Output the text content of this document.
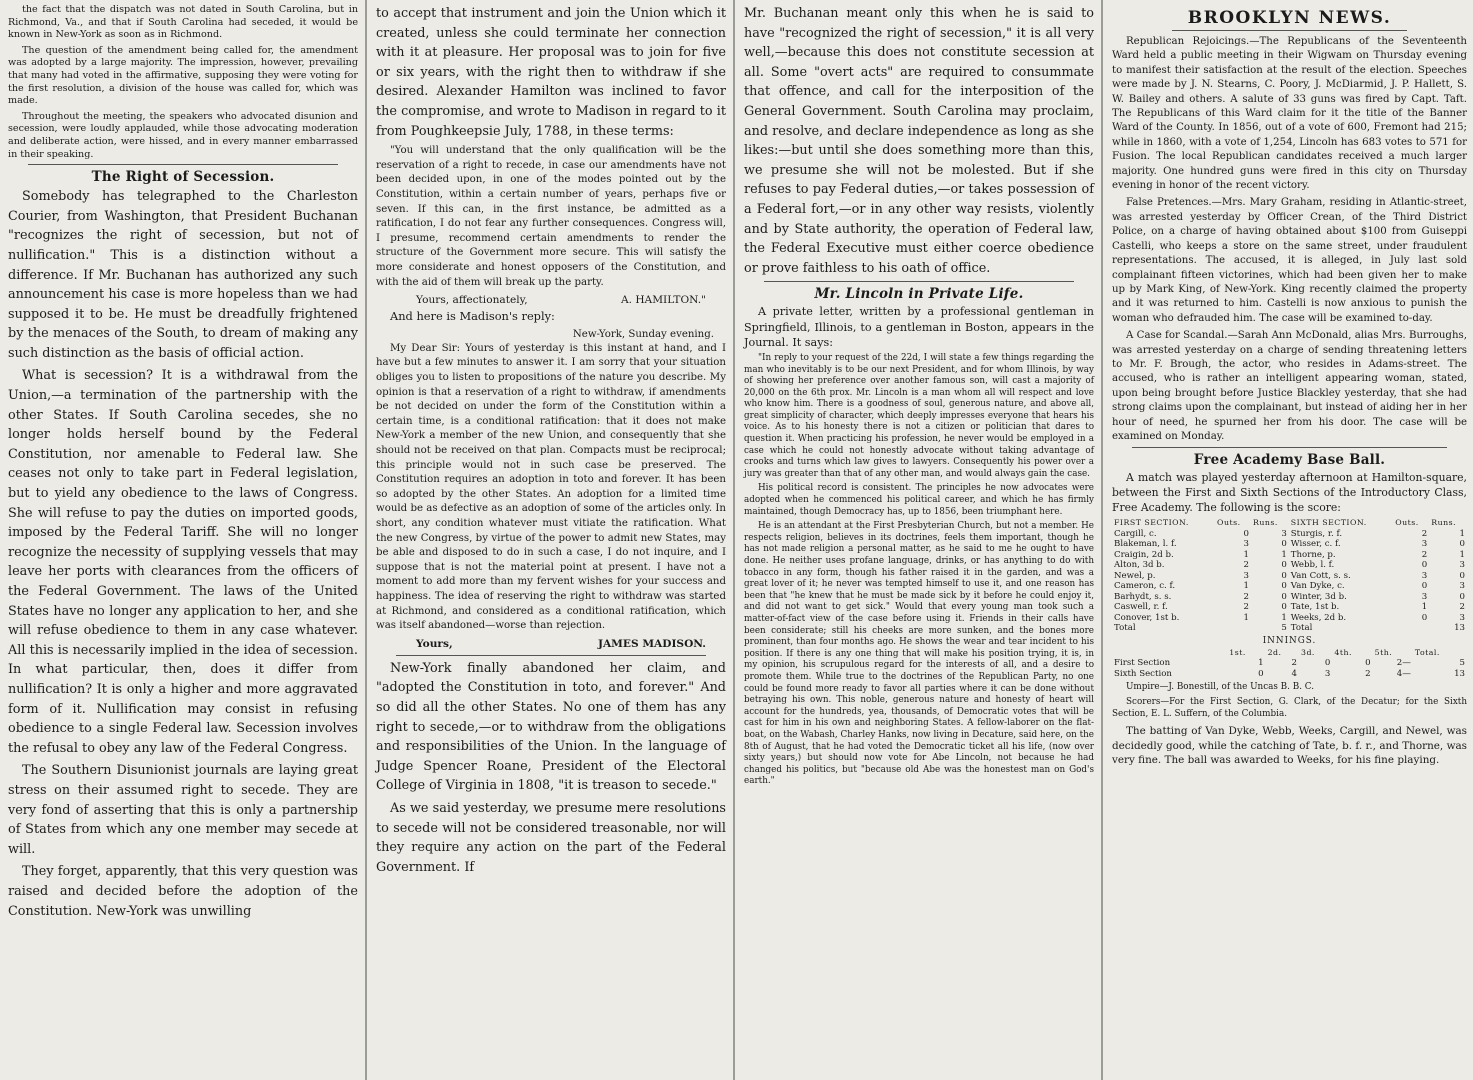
the fact that the dispatch was not dated in South Carolina, but in Richmond, Va., and that if South Carolina had seceded, it would be known in New-York as soon as in Richmond.

The question of the amendment being called for, the amendment was adopted by a large majority. The impression, however, prevailing that many had voted in the affirmative, supposing they were voting for the first resolution, a division of the house was called for, which was made.

Throughout the meeting, the speakers who advocated disunion and secession, were loudly applauded, while those advocating moderation and deliberate action, were hissed, and in every manner embarrassed in their speaking.

The Right of Secession.

Somebody has telegraphed to the Charleston Courier, from Washington, that President Buchanan "recognizes the right of secession, but not of nullification." This is a distinction without a difference. If Mr. Buchanan has authorized any such announcement his case is more hopeless than we had supposed it to be. He must be dreadfully frightened by the menaces of the South, to dream of making any such distinction as the basis of official action.

What is secession? It is a withdrawal from the Union,—a termination of the partnership with the other States. If South Carolina secedes, she no longer holds herself bound by the Federal Constitution, nor amenable to Federal law. She ceases not only to take part in Federal legislation, but to yield any obedience to the laws of Congress. She will refuse to pay the duties on imported goods, imposed by the Federal Tariff. She will no longer recognize the necessity of supplying vessels that may leave her ports with clearances from the officers of the Federal Government. The laws of the United States have no longer any application to her, and she will refuse obedience to them in any case whatever. All this is necessarily implied in the idea of secession. In what particular, then, does it differ from nullification? It is only a higher and more aggravated form of it. Nullification may consist in refusing obedience to a single Federal law. Secession involves the refusal to obey any law of the Federal Congress.

The Southern Disunionist journals are laying great stress on their assumed right to secede. They are very fond of asserting that this is only a partnership of States from which any one member may secede at will.

They forget, apparently, that this very question was raised and decided before the adoption of the Constitution. New-York was unwilling

to accept that instrument and join the Union which it created, unless she could terminate her connection with it at pleasure. Her proposal was to join for five or six years, with the right then to withdraw if she desired. Alexander Hamilton was inclined to favor the compromise, and wrote to Madison in regard to it from Poughkeepsie July, 1788, in these terms:

"You will understand that the only qualification will be the reservation of a right to recede, in case our amendments have not been decided upon, in one of the modes pointed out by the Constitution, within a certain number of years, perhaps five or seven. If this can, in the first instance, be admitted as a ratification, I do not fear any further consequences. Congress will, I presume, recommend certain amendments to render the structure of the Government more secure. This will satisfy the more considerate and honest opposers of the Constitution, and with the aid of them will break up the party.

Yours, affectionately,	A. HAMILTON."

And here is Madison's reply:

New-York, Sunday evening.

My Dear Sir: Yours of yesterday is this instant at hand, and I have but a few minutes to answer it. I am sorry that your situation obliges you to listen to propositions of the nature you describe. My opinion is that a reservation of a right to withdraw, if amendments be not decided on under the form of the Constitution within a certain time, is a conditional ratification: that it does not make New-York a member of the new Union, and consequently that she should not be received on that plan. Compacts must be reciprocal; this principle would not in such case be preserved. The Constitution requires an adoption in toto and forever. It has been so adopted by the other States. An adoption for a limited time would be as defective as an adoption of some of the articles only. In short, any condition whatever must vitiate the ratification. What the new Congress, by virtue of the power to admit new States, may be able and disposed to do in such a case, I do not inquire, and I suppose that is not the material point at present. I have not a moment to add more than my fervent wishes for your success and happiness. The idea of reserving the right to withdraw was started at Richmond, and considered as a conditional ratification, which was itself abandoned—worse than rejection.

Yours,	JAMES MADISON.

New-York finally abandoned her claim, and "adopted the Constitution in toto, and forever." And so did all the other States. No one of them has any right to secede,—or to withdraw from the obligations and responsibilities of the Union. In the language of Judge Spencer Roane, President of the Electoral College of Virginia in 1808, "it is treason to secede."

As we said yesterday, we presume mere resolutions to secede will not be considered treasonable, nor will they require any action on the part of the Federal Government. If

Mr. Buchanan meant only this when he is said to have "recognized the right of secession," it is all very well,—because this does not constitute secession at all. Some "overt acts" are required to consummate that offence, and call for the interposition of the General Government. South Carolina may proclaim, and resolve, and declare independence as long as she likes:—but until she does something more than this, we presume she will not be molested. But if she refuses to pay Federal duties,—or takes possession of a Federal fort,—or in any other way resists, violently and by State authority, the operation of Federal law, the Federal Executive must either coerce obedience or prove faithless to his oath of office.

Mr. Lincoln in Private Life.

A private letter, written by a professional gentleman in Springfield, Illinois, to a gentleman in Boston, appears in the Journal. It says:

"In reply to your request of the 22d, I will state a few things regarding the man who inevitably is to be our next President, and for whom Illinois, by way of showing her preference over another famous son, will cast a majority of 20,000 on the 6th prox. Mr. Lincoln is a man whom all will respect and love who know him. There is a goodness of soul, generous nature, and above all, great simplicity of character, which deeply impresses everyone that hears his voice. As to his honesty there is not a citizen or politician that dares to question it. When practicing his profession, he never would be employed in a case which he could not honestly advocate without taking advantage of crooks and turns which law gives to lawyers. Consequently his power over a jury was greater than that of any other man, and would always gain the case.

His political record is consistent. The principles he now advocates were adopted when he commenced his political career, and which he has firmly maintained, though Democracy has, up to 1856, been triumphant here.

He is an attendant at the First Presbyterian Church, but not a member. He respects religion, believes in its doctrines, feels them important, though he has not made religion a personal matter, as he said to me he ought to have done. He neither uses profane language, drinks, or has anything to do with tobacco in any form, though his father raised it in the garden, and was a great lover of it; he never was tempted himself to use it, and one reason has been that "he knew that he must be made sick by it before he could enjoy it, and did not want to get sick." Would that every young man took such a matter-of-fact view of the case before using it. Friends in their calls have been considerate; still his cheeks are more sunken, and the bones more prominent, than four months ago. He shows the wear and tear incident to his position. If there is any one thing that will make his position trying, it is, in my opinion, his scrupulous regard for the interests of all, and a desire to promote them. While true to the doctrines of the Republican Party, no one could be found more ready to favor all parties where it can be done without betraying his own. This noble, generous nature and honesty of heart will account for the hundreds, yea, thousands, of Democratic votes that will be cast for him in his own and neighboring States. A fellow-laborer on the flat-boat, on the Wabash, Charley Hanks, now living in Decature, said here, on the 8th of August, that he had voted the Democratic ticket all his life, (now over sixty years,) but should now vote for Abe Lincoln, not because he had changed his politics, but "because old Abe was the honestest man on God's earth."

BROOKLYN NEWS.

Republican Rejoicings.—The Republicans of the Seventeenth Ward held a public meeting in their Wigwam on Thursday evening to manifest their satisfaction at the result of the election. Speeches were made by J. N. Stearns, C. Poory, J. McDiarmid, J. P. Hallett, S. W. Bailey and others. A salute of 33 guns was fired by Capt. Taft. The Republicans of this Ward claim for it the title of the Banner Ward of the County. In 1856, out of a vote of 600, Fremont had 215; while in 1860, with a vote of 1,254, Lincoln has 683 votes to 571 for Fusion. The local Republican candidates received a much larger majority. One hundred guns were fired in this city on Thursday evening in honor of the recent victory.

False Pretences.—Mrs. Mary Graham, residing in Atlantic-street, was arrested yesterday by Officer Crean, of the Third District Police, on a charge of having obtained about $100 from Guiseppi Castelli, who keeps a store on the same street, under fraudulent representations. The accused, it is alleged, in July last sold complainant fifteen victorines, which had been given her to make up by Mark King, of New-York. King recently claimed the property and it was returned to him. Castelli is now anxious to punish the woman who defrauded him. The case will be examined to-day.

A Case for Scandal.—Sarah Ann McDonald, alias Mrs. Burroughs, was arrested yesterday on a charge of sending threatening letters to Mr. F. Brough, the actor, who resides in Adams-street. The accused, who is rather an intelligent appearing woman, stated, upon being brought before Justice Blackley yesterday, that she had strong claims upon the complainant, but instead of aiding her in her hour of need, he spurned her from his door. The case will be examined on Monday.

Free Academy Base Ball.

A match was played yesterday afternoon at Hamilton-square, between the First and Sixth Sections of the Introductory Class, Free Academy. The following is the score:

FIRST SECTION.	Outs.	Runs.	SIXTH SECTION.	Outs.	Runs.
Cargill, c.	0	3	Sturgis, r. f.	2	1
Blakeman, l. f.	3	0	Wisser, c. f.	3	0
Craigin, 2d b.	1	1	Thorne, p.	2	1
Alton, 3d b.	2	0	Webb, l. f.	0	3
Newel, p.	3	0	Van Cott, s. s.	3	0
Cameron, c. f.	1	0	Van Dyke, c.	0	3
Barhydt, s. s.	2	0	Winter, 3d b.	3	0
Caswell, r. f.	2	0	Tate, 1st b.	1	2
Conover, 1st b.	1	1	Weeks, 2d b.	0	3
Total		5	Total		13
INNINGS.
	1st.	2d.	3d.	4th.	5th.	Total.
First Section	1	2	0	0	2—	5
Sixth Section	0	4	3	2	4—	13

Umpire—J. Bonestill, of the Uncas B. B. C.

Scorers—For the First Section, G. Clark, of the Decatur; for the Sixth Section, E. L. Suffern, of the Columbia.

The batting of Van Dyke, Webb, Weeks, Cargill, and Newel, was decidedly good, while the catching of Tate, b. f. r., and Thorne, was very fine. The ball was awarded to Weeks, for his fine playing.
